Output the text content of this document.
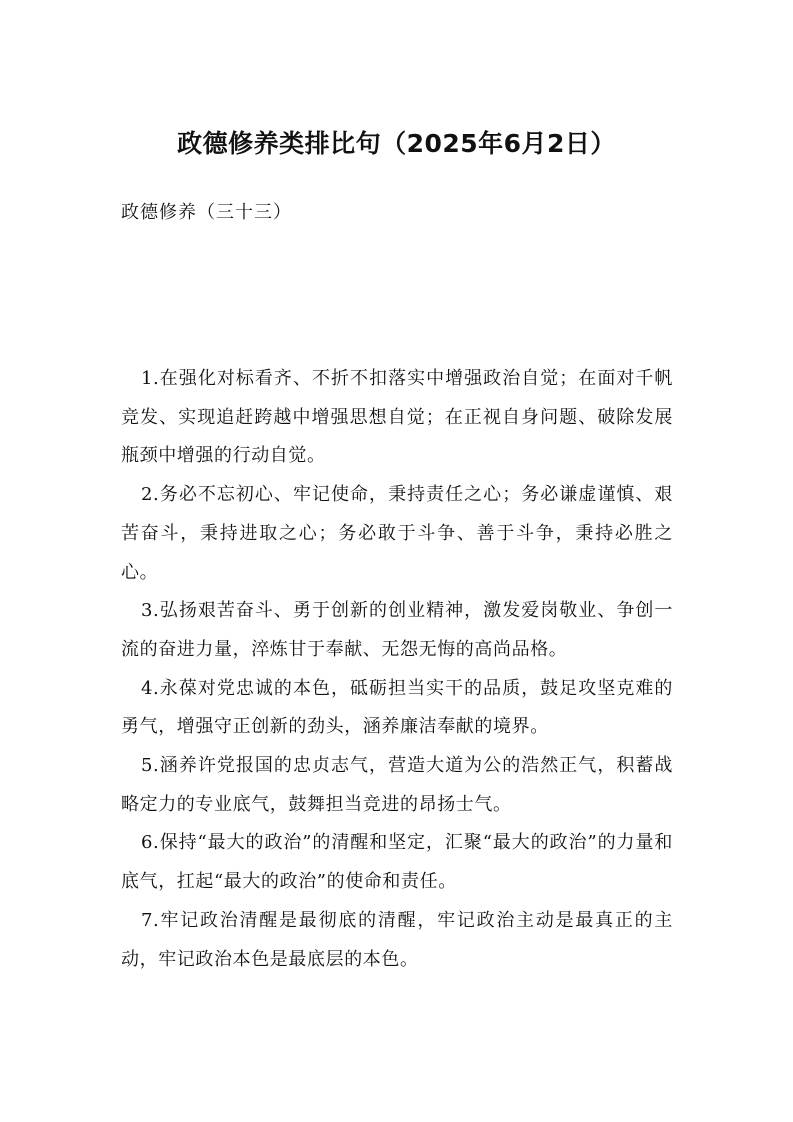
政德修养类排比句（2025年6月2日）
政德修养（三十三）

1.在强化对标看齐、不折不扣落实中增强政治自觉；在面对千帆竞发、实现追赶跨越中增强思想自觉；在正视自身问题、破除发展瓶颈中增强的行动自觉。

2.务必不忘初心、牢记使命，秉持责任之心；务必谦虚谨慎、艰苦奋斗，秉持进取之心；务必敢于斗争、善于斗争，秉持必胜之心。

3.弘扬艰苦奋斗、勇于创新的创业精神，激发爱岗敬业、争创一流的奋进力量，淬炼甘于奉献、无怨无悔的高尚品格。

4.永葆对党忠诚的本色，砥砺担当实干的品质，鼓足攻坚克难的勇气，增强守正创新的劲头，涵养廉洁奉献的境界。

5.涵养许党报国的忠贞志气，营造大道为公的浩然正气，积蓄战略定力的专业底气，鼓舞担当竞进的昂扬士气。

6.保持“最大的政治”的清醒和坚定，汇聚“最大的政治”的力量和底气，扛起“最大的政治”的使命和责任。

7.牢记政治清醒是最彻底的清醒，牢记政治主动是最真正的主动，牢记政治本色是最底层的本色。
